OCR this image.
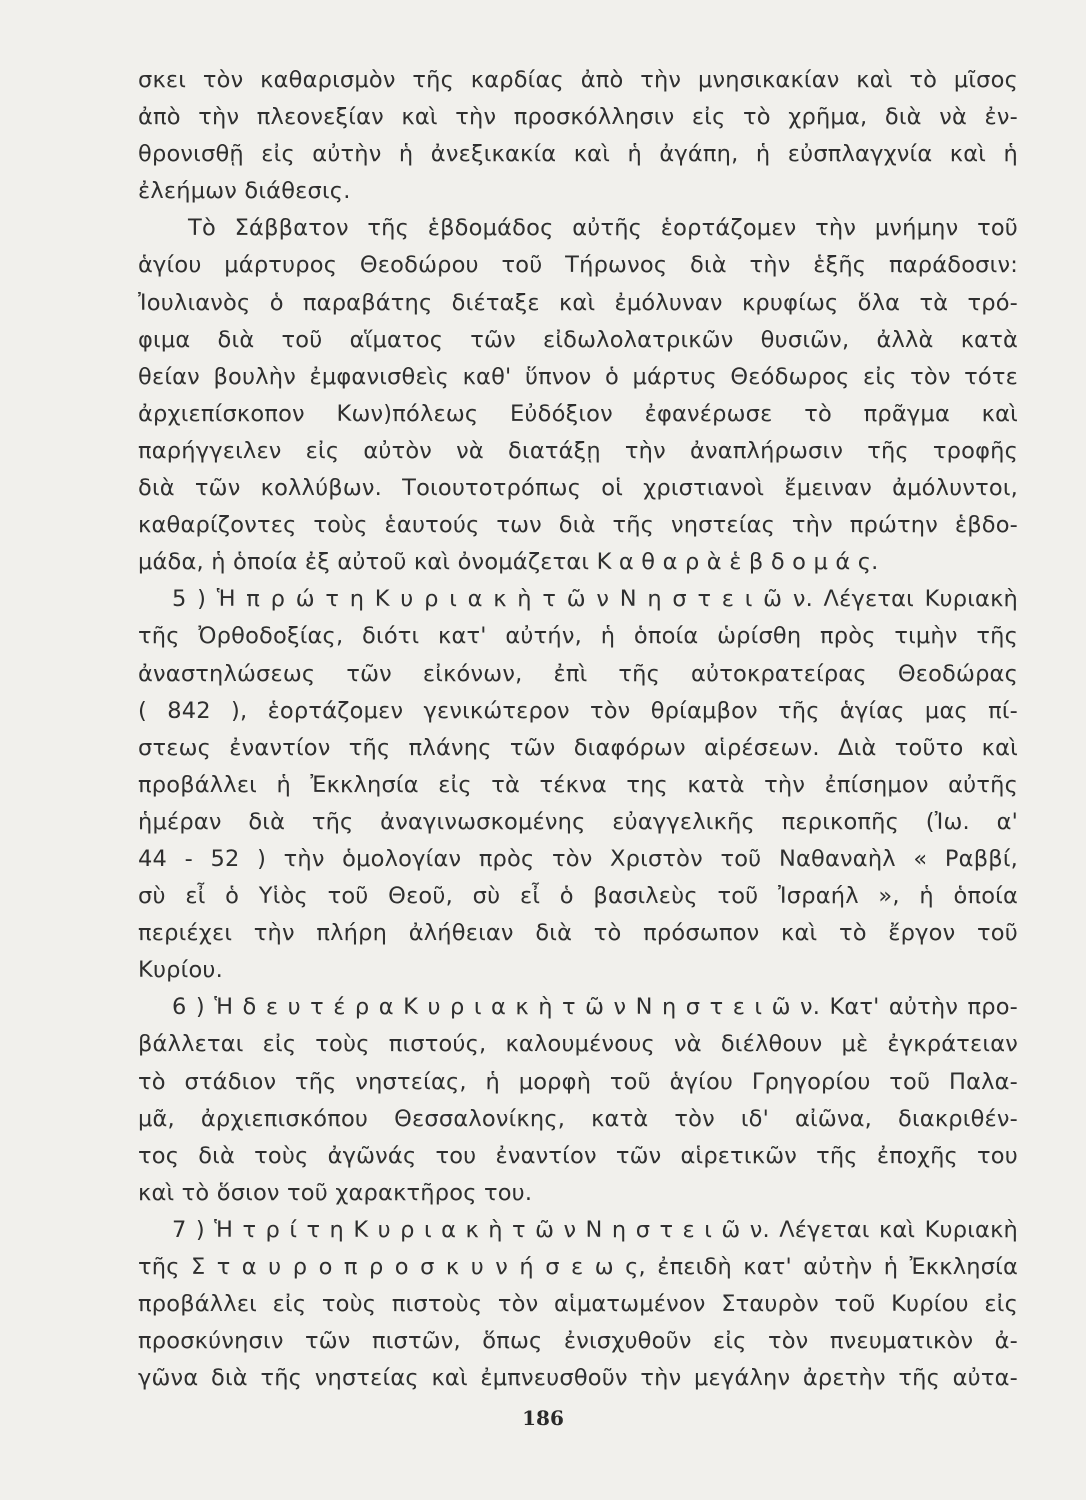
σκει τὸν καθαρισμὸν τῆς καρδίας ἀπὸ τὴν μνησικακίαν καὶ τὸ μῖσος
ἀπὸ τὴν πλεονεξίαν καὶ τὴν προσκόλλησιν εἰς τὸ χρῆμα, διὰ νὰ ἐν-
θρονισθῇ εἰς αὐτὴν ἡ ἀνεξικακία καὶ ἡ ἀγάπη, ἡ εὐσπλαγχνία καὶ ἡ
ἐλεήμων διάθεσις.
Τὸ Σάββατον τῆς ἑβδομάδος αὐτῆς ἑορτάζομεν τὴν μνήμην τοῦ
ἁγίου μάρτυρος Θεοδώρου τοῦ Τήρωνος διὰ τὴν ἑξῆς παράδοσιν:
Ἰουλιανὸς ὁ παραβάτης διέταξε καὶ ἐμόλυναν κρυφίως ὅλα τὰ τρό-
φιμα διὰ τοῦ αἵματος τῶν εἰδωλολατρικῶν θυσιῶν, ἀλλὰ κατὰ
θείαν βουλὴν ἐμφανισθεὶς καθ' ὕπνον ὁ μάρτυς Θεόδωρος εἰς τὸν τότε
ἀρχιεπίσκοπον Κων)πόλεως Εὐδόξιον ἐφανέρωσε τὸ πρᾶγμα καὶ
παρήγγειλεν εἰς αὐτὸν νὰ διατάξῃ τὴν ἀναπλήρωσιν τῆς τροφῆς
διὰ τῶν κολλύβων. Τοιουτοτρόπως οἱ χριστιανοὶ ἔμειναν ἀμόλυντοι,
καθαρίζοντες τοὺς ἑαυτούς των διὰ τῆς νηστείας τὴν πρώτην ἑβδο-
μάδα, ἡ ὁποία ἐξ αὐτοῦ καὶ ὀνομάζεται Κ α θ α ρ ὰ ἑ β δ ο μ ά ς.
5 ) Ἡ π ρ ώ τ η Κ υ ρ ι α κ ὴ τ ῶ ν Ν η σ τ ε ι ῶ ν. Λέγεται Κυριακὴ
τῆς Ὀρθοδοξίας, διότι κατ' αὐτήν, ἡ ὁποία ὡρίσθη πρὸς τιμὴν τῆς
ἀναστηλώσεως τῶν εἰκόνων, ἐπὶ τῆς αὐτοκρατείρας Θεοδώρας
( 842 ), ἑορτάζομεν γενικώτερον τὸν θρίαμβον τῆς ἁγίας μας πί-
στεως ἐναντίον τῆς πλάνης τῶν διαφόρων αἱρέσεων. Διὰ τοῦτο καὶ
προβάλλει ἡ Ἐκκλησία εἰς τὰ τέκνα της κατὰ τὴν ἐπίσημον αὐτῆς
ἡμέραν διὰ τῆς ἀναγινωσκομένης εὐαγγελικῆς περικοπῆς (Ἰω. α'
44 - 52 ) τὴν ὁμολογίαν πρὸς τὸν Χριστὸν τοῦ Ναθαναὴλ « Ραββί,
σὺ εἶ ὁ Υἱὸς τοῦ Θεοῦ, σὺ εἶ ὁ βασιλεὺς τοῦ Ἰσραήλ », ἡ ὁποία
περιέχει τὴν πλήρη ἀλήθειαν διὰ τὸ πρόσωπον καὶ τὸ ἔργον τοῦ
Κυρίου.
6 ) Ἡ δ ε υ τ έ ρ α Κ υ ρ ι α κ ὴ τ ῶ ν Ν η σ τ ε ι ῶ ν. Κατ' αὐτὴν προ-
βάλλεται εἰς τοὺς πιστούς, καλουμένους νὰ διέλθουν μὲ ἐγκράτειαν
τὸ στάδιον τῆς νηστείας, ἡ μορφὴ τοῦ ἁγίου Γρηγορίου τοῦ Παλα-
μᾶ, ἀρχιεπισκόπου Θεσσαλονίκης, κατὰ τὸν ιδ' αἰῶνα, διακριθέν-
τος διὰ τοὺς ἀγῶνάς του ἐναντίον τῶν αἱρετικῶν τῆς ἐποχῆς του
καὶ τὸ ὅσιον τοῦ χαρακτῆρος του.
7 ) Ἡ τ ρ ί τ η Κ υ ρ ι α κ ὴ τ ῶ ν Ν η σ τ ε ι ῶ ν. Λέγεται καὶ Κυριακὴ
τῆς Σ τ α υ ρ ο π ρ ο σ κ υ ν ή σ ε ω ς, ἐπειδὴ κατ' αὐτὴν ἡ Ἐκκλησία
προβάλλει εἰς τοὺς πιστοὺς τὸν αἱματωμένον Σταυρὸν τοῦ Κυρίου εἰς
προσκύνησιν τῶν πιστῶν, ὅπως ἐνισχυθοῦν εἰς τὸν πνευματικὸν ἀ-
γῶνα διὰ τῆς νηστείας καὶ ἐμπνευσθοῦν τὴν μεγάλην ἀρετὴν τῆς αὐτα-
186
